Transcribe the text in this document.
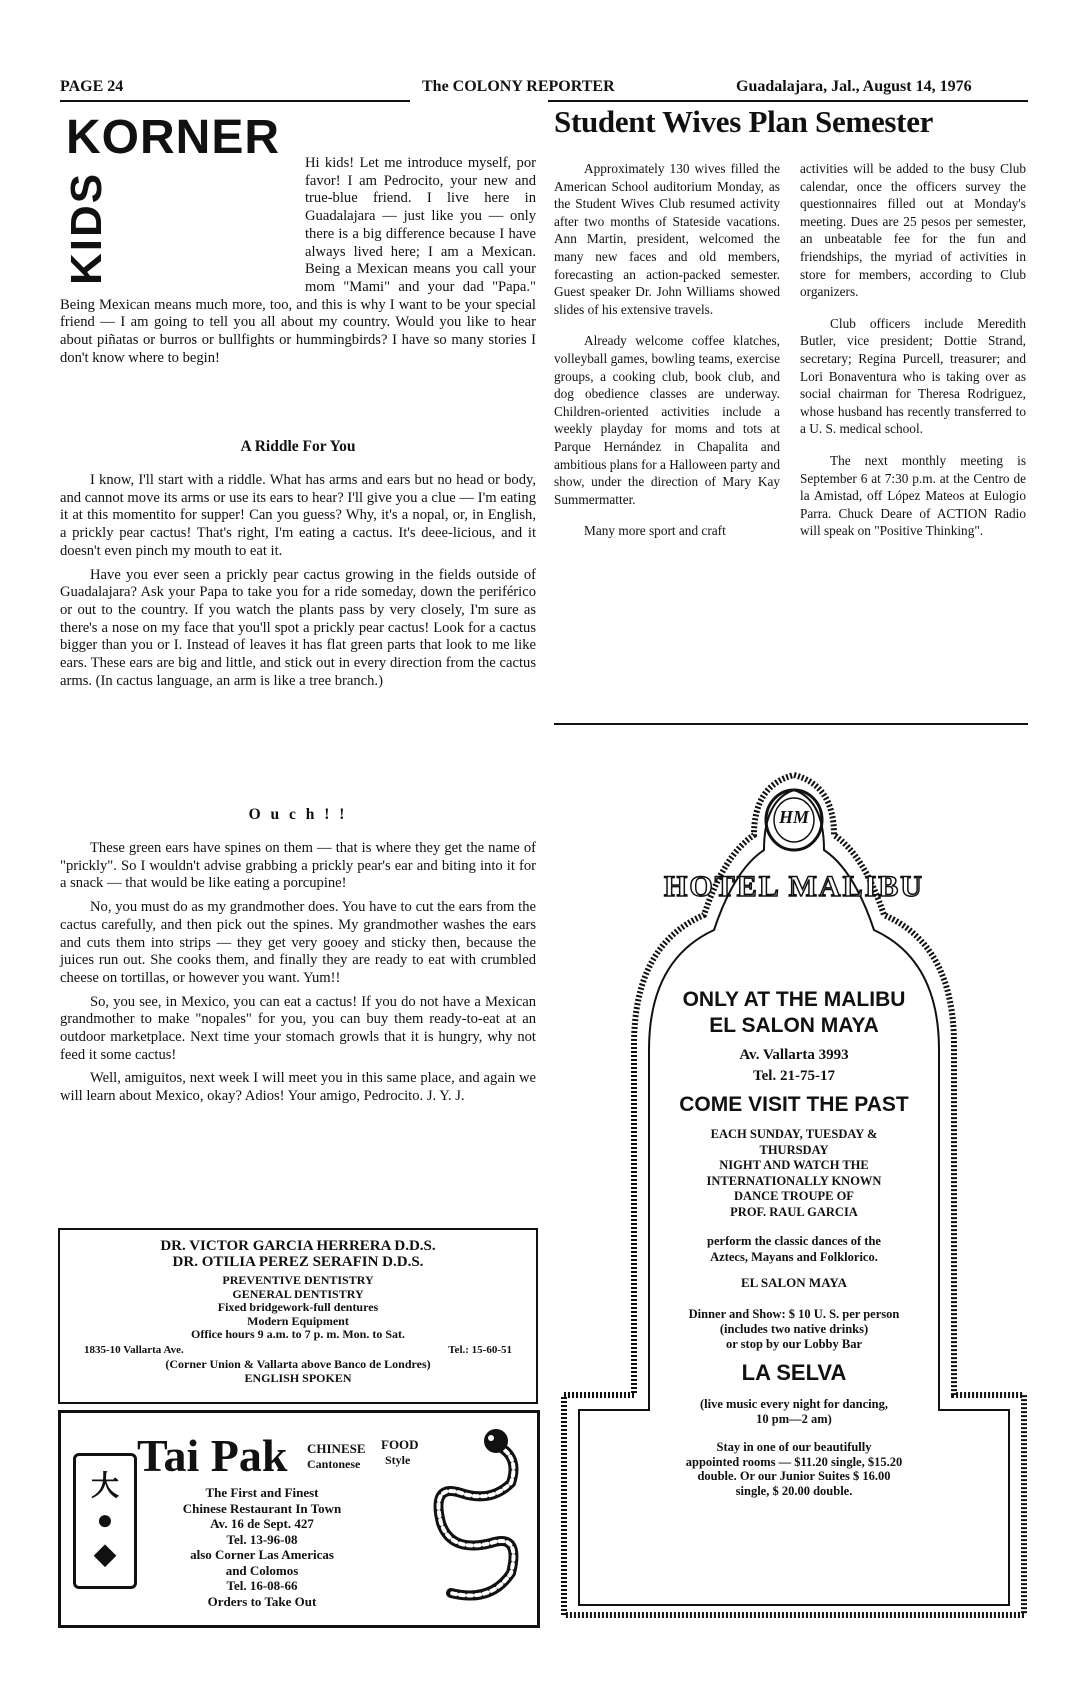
PAGE 24	The COLONY REPORTER	Guadalajara, Jal., August 14, 1976
KORNER
KIDS

Hi kids! Let me introduce myself, por favor! I am Pedrocito, your new and true-blue friend. I live here in Guadalajara — just like you — only there is a big difference because I have always lived here; I am a Mexican. Being a Mexican means you call your mom "Mami" and your dad "Papa." Being Mexican means much more, too, and this is why I want to be your special friend — I am going to tell you all about my country. Would you like to hear about piñatas or burros or bullfights or hummingbirds? I have so many stories I don't know where to begin!

A Riddle For You

I know, I'll start with a riddle. What has arms and ears but no head or body, and cannot move its arms or use its ears to hear? I'll give you a clue — I'm eating it at this momentito for supper! Can you guess? Why, it's a nopal, or, in English, a prickly pear cactus! That's right, I'm eating a cactus. It's deee-licious, and it doesn't even pinch my mouth to eat it.

Have you ever seen a prickly pear cactus growing in the fields outside of Guadalajara? Ask your Papa to take you for a ride someday, down the periférico or out to the country. If you watch the plants pass by very closely, I'm sure as there's a nose on my face that you'll spot a prickly pear cactus! Look for a cactus bigger than you or I. Instead of leaves it has flat green parts that look to me like ears. These ears are big and little, and stick out in every direction from the cactus arms. (In cactus language, an arm is like a tree branch.)

O u c h ! !

These green ears have spines on them — that is where they get the name of "prickly". So I wouldn't advise grabbing a prickly pear's ear and biting into it for a snack — that would be like eating a porcupine!

No, you must do as my grandmother does. You have to cut the ears from the cactus carefully, and then pick out the spines. My grandmother washes the ears and cuts them into strips — they get very gooey and sticky then, because the juices run out. She cooks them, and finally they are ready to eat with crumbled cheese on tortillas, or however you want. Yum!!

So, you see, in Mexico, you can eat a cactus! If you do not have a Mexican grandmother to make "nopales" for you, you can buy them ready-to-eat at an outdoor marketplace. Next time your stomach growls that it is hungry, why not feed it some cactus!

Well, amiguitos, next week I will meet you in this same place, and again we will learn about Mexico, okay? Adios! Your amigo, Pedrocito. J. Y. J.

Student Wives Plan Semester

Approximately 130 wives filled the American School auditorium Monday, as the Student Wives Club resumed activity after two months of Stateside vacations. Ann Martin, president, welcomed the many new faces and old members, forecasting an action-packed semester. Guest speaker Dr. John Williams showed slides of his extensive travels.

Already welcome coffee klatches, volleyball games, bowling teams, exercise groups, a cooking club, book club, and dog obedience classes are underway. Children-oriented activities include a weekly playday for moms and tots at Parque Hernández in Chapalita and ambitious plans for a Halloween party and show, under the direction of Mary Kay Summermatter.

Many more sport and craft

activities will be added to the busy Club calendar, once the officers survey the questionnaires filled out at Monday's meeting. Dues are 25 pesos per semester, an unbeatable fee for the fun and friendships, the myriad of activities in store for members, according to Club organizers.

Club officers include Meredith Butler, vice president; Dottie Strand, secretary; Regina Purcell, treasurer; and Lori Bonaventura who is taking over as social chairman for Theresa Rodriguez, whose husband has recently transferred to a U. S. medical school.

The next monthly meeting is September 6 at 7:30 p.m. at the Centro de la Amistad, off López Mateos at Eulogio Parra. Chuck Deare of ACTION Radio will speak on "Positive Thinking".

HM
HOTEL MALIBU
ONLY AT THE MALIBU
EL SALON MAYA
Av. Vallarta 3993
Tel. 21-75-17
COME VISIT THE PAST
EACH SUNDAY, TUESDAY &
THURSDAY
NIGHT AND WATCH THE
INTERNATIONALLY KNOWN
DANCE TROUPE OF
PROF. RAUL GARCIA
perform the classic dances of the
Aztecs, Mayans and Folklorico.
EL SALON MAYA
Dinner and Show: $ 10 U. S. per person
(includes two native drinks)
or stop by our Lobby Bar
LA SELVA
(live music every night for dancing,
10 pm—2 am)
Stay in one of our beautifully
appointed rooms — $11.20 single, $15.20
double. Or our Junior Suites $ 16.00
single, $ 20.00 double.
DR. VICTOR GARCIA HERRERA D.D.S.
DR. OTILIA PEREZ SERAFIN D.D.S.
PREVENTIVE DENTISTRY
GENERAL DENTISTRY
Fixed bridgework-full dentures
Modern Equipment
Office hours 9 a.m. to 7 p. m. Mon. to Sat.
1835-10 Vallarta Ave.	Tel.: 15-60-51
(Corner Union & Vallarta above Banco de Londres)
ENGLISH SPOKEN
大
●
◆
Tai Pak CHINESE FOOD
Cantonese Style
The First and Finest
Chinese Restaurant In Town
Av. 16 de Sept. 427
Tel. 13-96-08
also Corner Las Americas
and Colomos
Tel. 16-08-66
Orders to Take Out
